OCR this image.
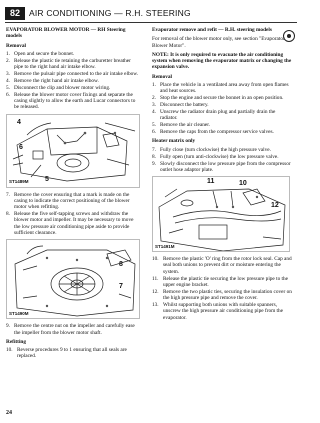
82	AIR CONDITIONING — R.H. STEERING
EVAPORATOR BLOWER MOTOR — RH Steering models
Removal
1. Open and secure the bonnet.
2. Release the plastic tie retaining the carburetter breather pipe to the right hand air intake elbow.
3. Remove the pulsair pipe connected to the air intake elbow.
4. Remove the right hand air intake elbow.
5. Disconnect the clip and blower motor wiring.
6. Release the blower motor cover fixings and separate the casing slightly to allow the earth and Lucar connectors to be released.
4
6
5
ST1489M
7. Remove the cover ensuring that a mark is made on the casing to indicate the correct positioning of the blower motor when refitting.
8. Release the five self-tapping screws and withdraw the blower motor and impeller. It may be necessary to move the low pressure air conditioning pipe aside to provide sufficient clearance.
8
7
ST1490M
9. Remove the centre nut on the impeller and carefully ease the impeller from the blower motor shaft.
Refitting
10. Reverse procedures 9 to 1 ensuring that all seals are replaced.
24
Evaporator remove and refit — R.H. steering models
For removal of the blower motor only, see section "Evaporator Blower Motor".
NOTE: It is only required to evacuate the air conditioning system when removing the evaporator matrix or changing the expansion valve.
Removal
1. Place the vehicle in a ventilated area away from open flames and heat sources.
2. Stop the engine and secure the bonnet in an open position.
3. Disconnect the battery.
4. Unscrew the radiator drain plug and partially drain the radiator.
5. Remove the air cleaner.
6. Remove the caps from the compressor service valves.
Heater matrix only
7. Fully close (turn clockwise) the high pressure valve.
8. Fully open (turn anti-clockwise) the low pressure valve.
9. Slowly disconnect the low pressure pipe from the compressor outlet hose adaptor plate.
11	10
12
ST1491M
10. Remove the plastic 'O' ring from the rotor lock seal. Cap and seal both unions to prevent dirt or moisture entering the system.
11. Release the plastic tie securing the low pressure pipe to the upper engine bracket.
12. Remove the two plastic ties, securing the insulation cover on the high pressure pipe and remove the cover.
13. Whilst supporting both unions with suitable spanners, unscrew the high pressure air conditioning pipe from the evaporator.
